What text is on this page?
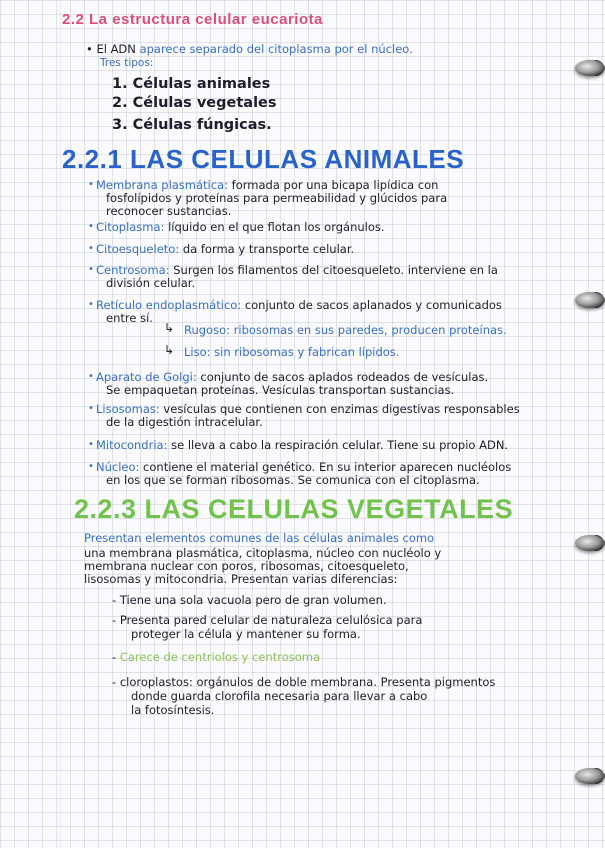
2.2 La estructura celular eucariota
• El ADN aparece separado del citoplasma por el núcleo.
Tres tipos:
1. Células animales
2. Células vegetales
3. Células fúngicas.
2.2.1 LAS CELULAS ANIMALES
• Membrana plasmática: formada por una bicapa lipídica con
fosfolípidos y proteínas para permeabilidad y glúcidos para
reconocer sustancias.
• Citoplasma: líquido en el que flotan los orgánulos.
• Citoesqueleto: da forma y transporte celular.
• Centrosoma: Surgen los filamentos del citoesqueleto. interviene en la
división celular.
• Retículo endoplasmático: conjunto de sacos aplanados y comunicados
entre sí.
• Aparato de Golgi: conjunto de sacos aplados rodeados de vesículas.
Se empaquetan proteínas. Vesículas transportan sustancias.
• Lisosomas: vesículas que contienen con enzimas digestivas responsables
de la digestión intracelular.
• Mitocondria: se lleva a cabo la respiración celular. Tiene su propio ADN.
• Núcleo: contiene el material genético. En su interior aparecen nucléolos
en los que se forman ribosomas. Se comunica con el citoplasma.
↳ Rugoso: ribosomas en sus paredes, producen proteínas.
↳ Liso: sin ribosomas y fabrican lípidos.
2.2.3 LAS CELULAS VEGETALES
Presentan elementos comunes de las células animales como
una membrana plasmática, citoplasma, núcleo con nucléolo y
membrana nuclear con poros, ribosomas, citoesqueleto,
lisosomas y mitocondria. Presentan varias diferencias:
- Tiene una sola vacuola pero de gran volumen.
- Presenta pared celular de naturaleza celulósica para
proteger la célula y mantener su forma.
- Carece de centriolos y centrosoma
- cloroplastos: orgánulos de doble membrana. Presenta pigmentos
donde guarda clorofila necesaria para llevar a cabo
la fotosíntesis.
